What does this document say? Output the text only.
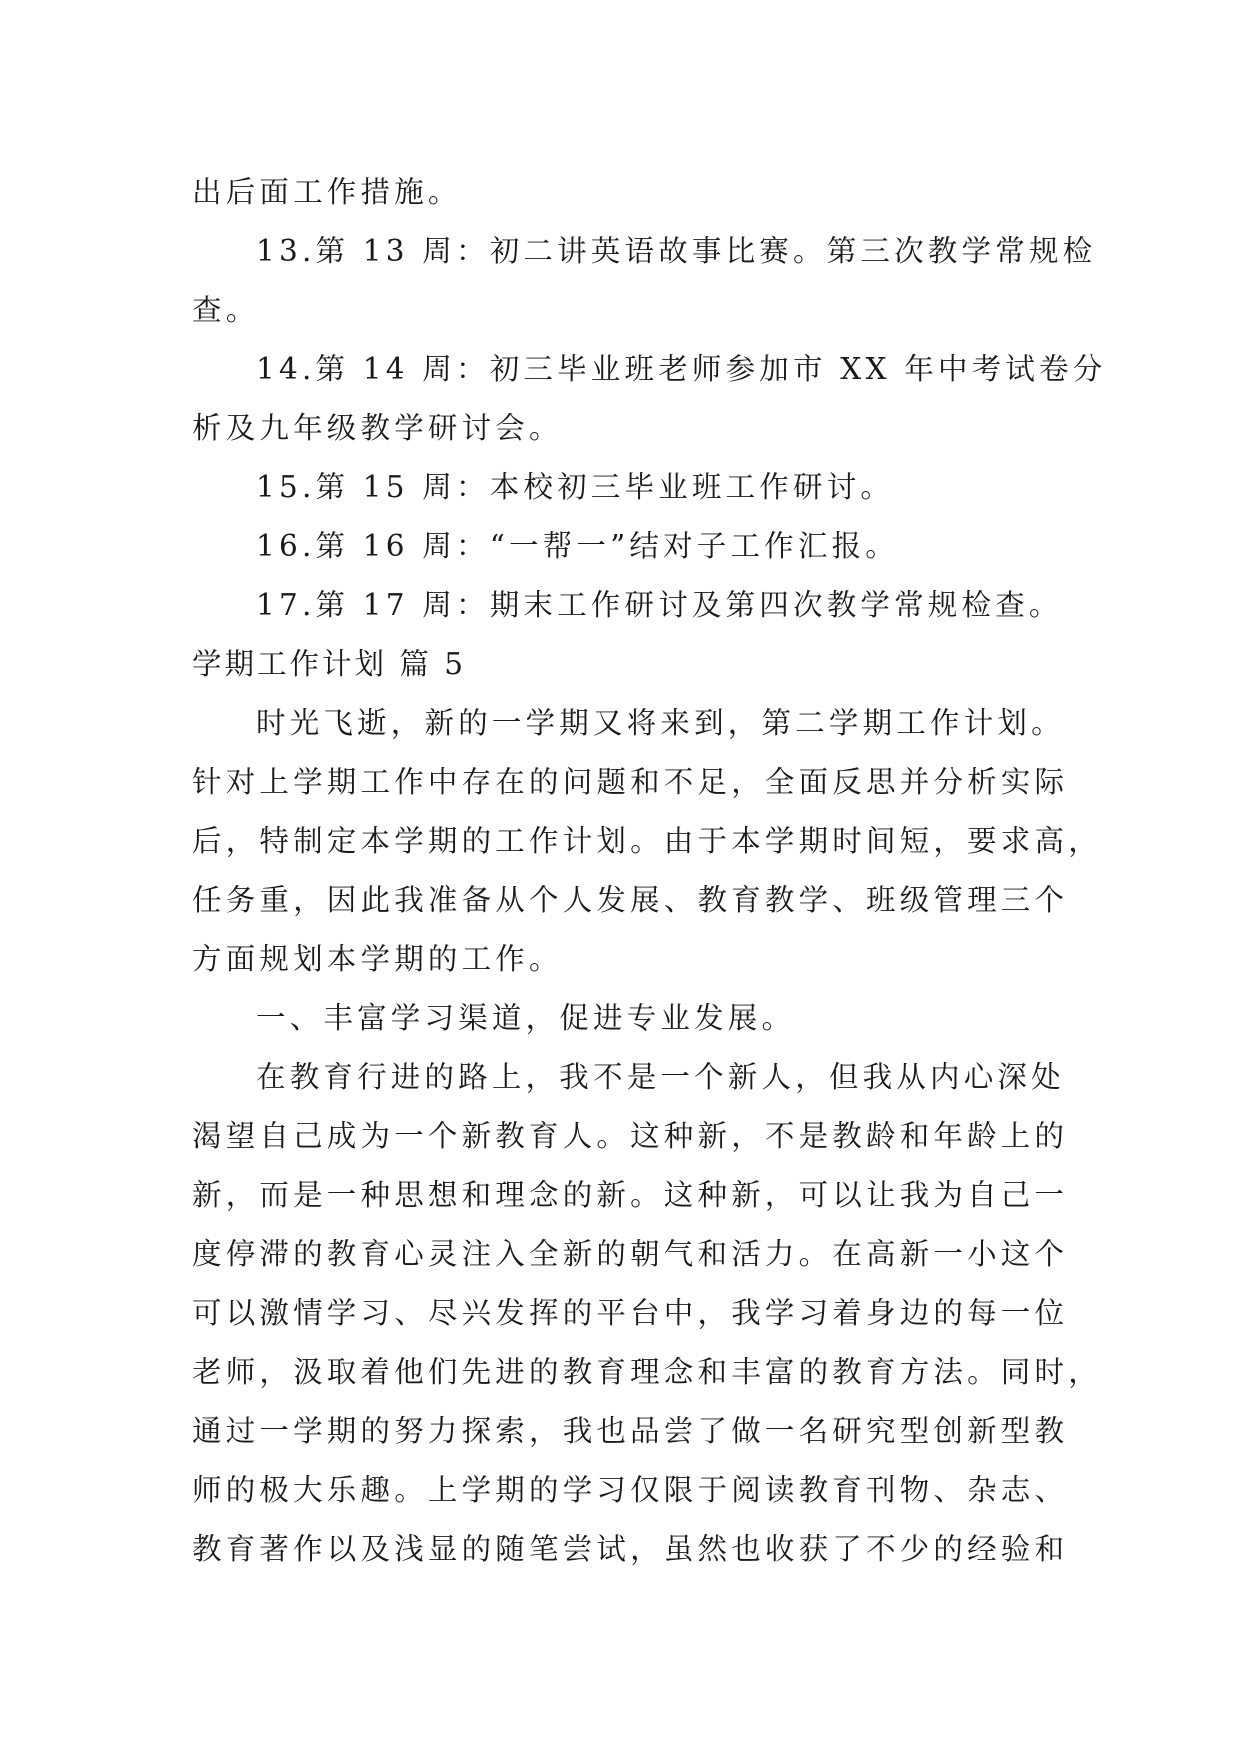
出后面工作措施。
13.第 13 周：初二讲英语故事比赛。第三次教学常规检
查。
14.第 14 周：初三毕业班老师参加市 XX 年中考试卷分
析及九年级教学研讨会。
15.第 15 周：本校初三毕业班工作研讨。
16.第 16 周：“一帮一”结对子工作汇报。
17.第 17 周：期末工作研讨及第四次教学常规检查。
学期工作计划 篇 5
时光飞逝，新的一学期又将来到，第二学期工作计划。
针对上学期工作中存在的问题和不足，全面反思并分析实际
后，特制定本学期的工作计划。由于本学期时间短，要求高，
任务重，因此我准备从个人发展、教育教学、班级管理三个
方面规划本学期的工作。
一、丰富学习渠道，促进专业发展。
在教育行进的路上，我不是一个新人，但我从内心深处
渴望自己成为一个新教育人。这种新，不是教龄和年龄上的
新，而是一种思想和理念的新。这种新，可以让我为自己一
度停滞的教育心灵注入全新的朝气和活力。在高新一小这个
可以激情学习、尽兴发挥的平台中，我学习着身边的每一位
老师，汲取着他们先进的教育理念和丰富的教育方法。同时，
通过一学期的努力探索，我也品尝了做一名研究型创新型教
师的极大乐趣。上学期的学习仅限于阅读教育刊物、杂志、
教育著作以及浅显的随笔尝试，虽然也收获了不少的经验和
